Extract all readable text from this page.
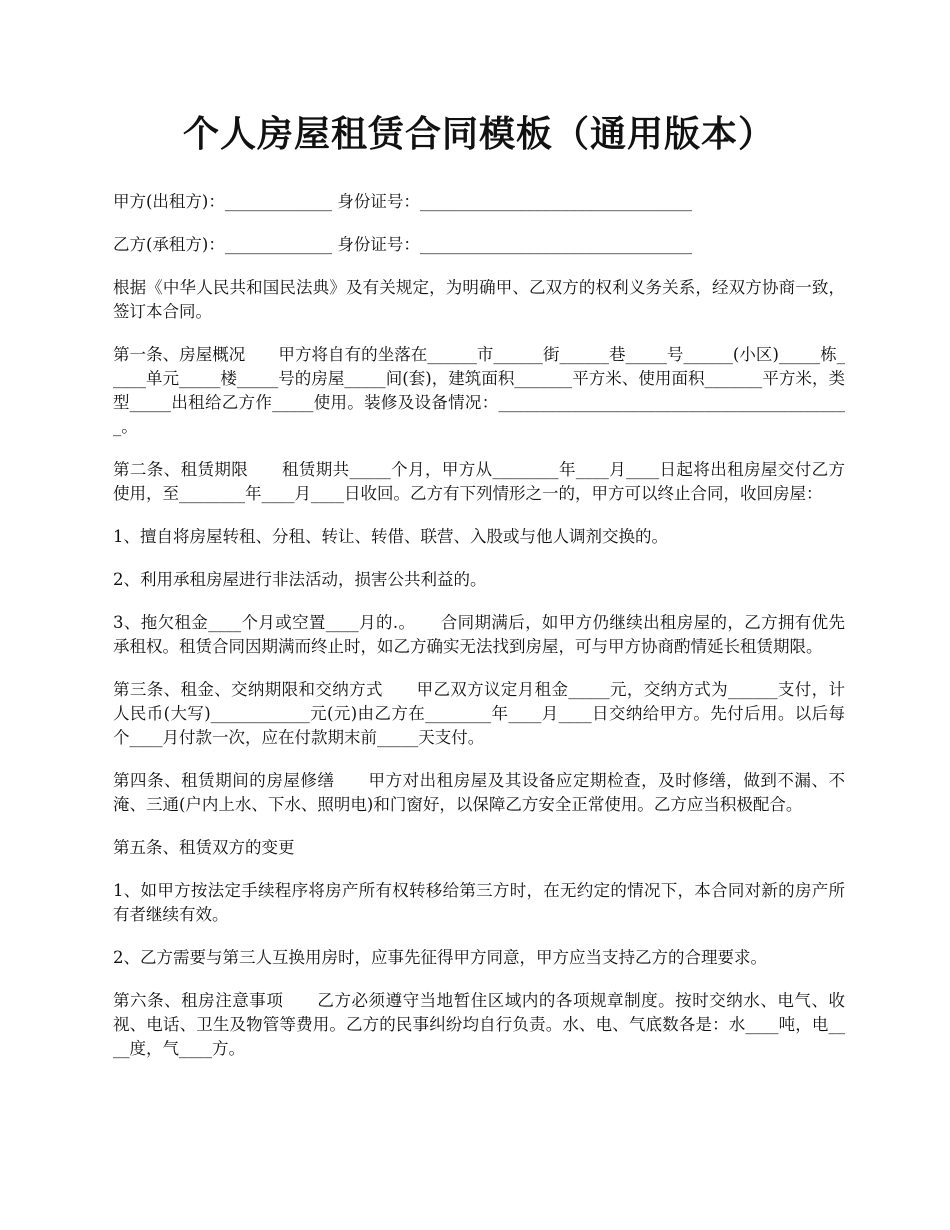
个人房屋租赁合同模板（通用版本）

甲方(出租方)：_____________ 身份证号：_________________________________

乙方(承租方)：_____________ 身份证号：_________________________________

根据《中华人民共和国民法典》及有关规定，为明确甲、乙双方的权利义务关系，经双方协商一致，签订本合同。

第一条、房屋概况　　甲方将自有的坐落在______市______街______巷_____号______(小区)_____栋_____单元_____楼_____号的房屋_____间(套)，建筑面积_______平方米、使用面积_______平方米，类型_____出租给乙方作_____使用。装修及设备情况：___________________________________________。

第二条、租赁期限　　租赁期共_____个月，甲方从________年____月____日起将出租房屋交付乙方使用，至________年____月____日收回。乙方有下列情形之一的，甲方可以终止合同，收回房屋：

1、擅自将房屋转租、分租、转让、转借、联营、入股或与他人调剂交换的。

2、利用承租房屋进行非法活动，损害公共利益的。

3、拖欠租金____个月或空置____月的.。　　合同期满后，如甲方仍继续出租房屋的，乙方拥有优先承租权。租赁合同因期满而终止时，如乙方确实无法找到房屋，可与甲方协商酌情延长租赁期限。

第三条、租金、交纳期限和交纳方式　　甲乙双方议定月租金_____元，交纳方式为______支付，计人民币(大写)____________元(元)由乙方在________年____月____日交纳给甲方。先付后用。以后每个____月付款一次，应在付款期末前_____天支付。

第四条、租赁期间的房屋修缮　　甲方对出租房屋及其设备应定期检查，及时修缮，做到不漏、不淹、三通(户内上水、下水、照明电)和门窗好，以保障乙方安全正常使用。乙方应当积极配合。

第五条、租赁双方的变更

1、如甲方按法定手续程序将房产所有权转移给第三方时，在无约定的情况下，本合同对新的房产所有者继续有效。

2、乙方需要与第三人互换用房时，应事先征得甲方同意，甲方应当支持乙方的合理要求。

第六条、租房注意事项　　乙方必须遵守当地暂住区域内的各项规章制度。按时交纳水、电气、收视、电话、卫生及物管等费用。乙方的民事纠纷均自行负责。水、电、气底数各是：水____吨，电____度，气____方。
